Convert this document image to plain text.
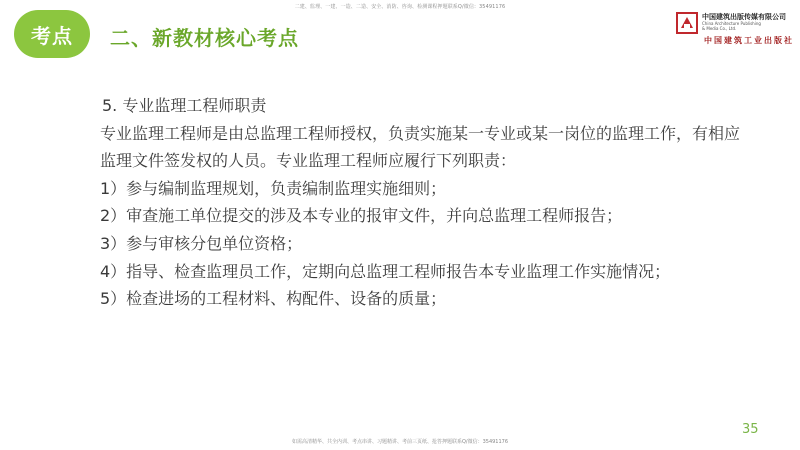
二建、监理、一建、一造、二造、安全、消防、咨询、检测课程押题联系Q/微信：35491176
考点 二、新教材核心考点
中国建筑出版传媒有限公司
China Architecture Publishing & Media Co., Ltd.
中国建筑工业出版社

5. 专业监理工程师职责

专业监理工程师是由总监理工程师授权，负责实施某一专业或某一岗位的监理工作，有相应监理文件签发权的人员。专业监理工程师应履行下列职责：

1）参与编制监理规划，负责编制监理实施细则；

2）审查施工单位提交的涉及本专业的报审文件，并向总监理工程师报告；

3）参与审核分包单位资格；

4）指导、检查监理员工作，定期向总监理工程师报告本专业监理工作实施情况；

5）检查进场的工程材料、构配件、设备的质量；

35
如需高清精华、共全内训、考点串讲、习题精讲、考前三页纸、抢答押题联系Q/微信：35491176
